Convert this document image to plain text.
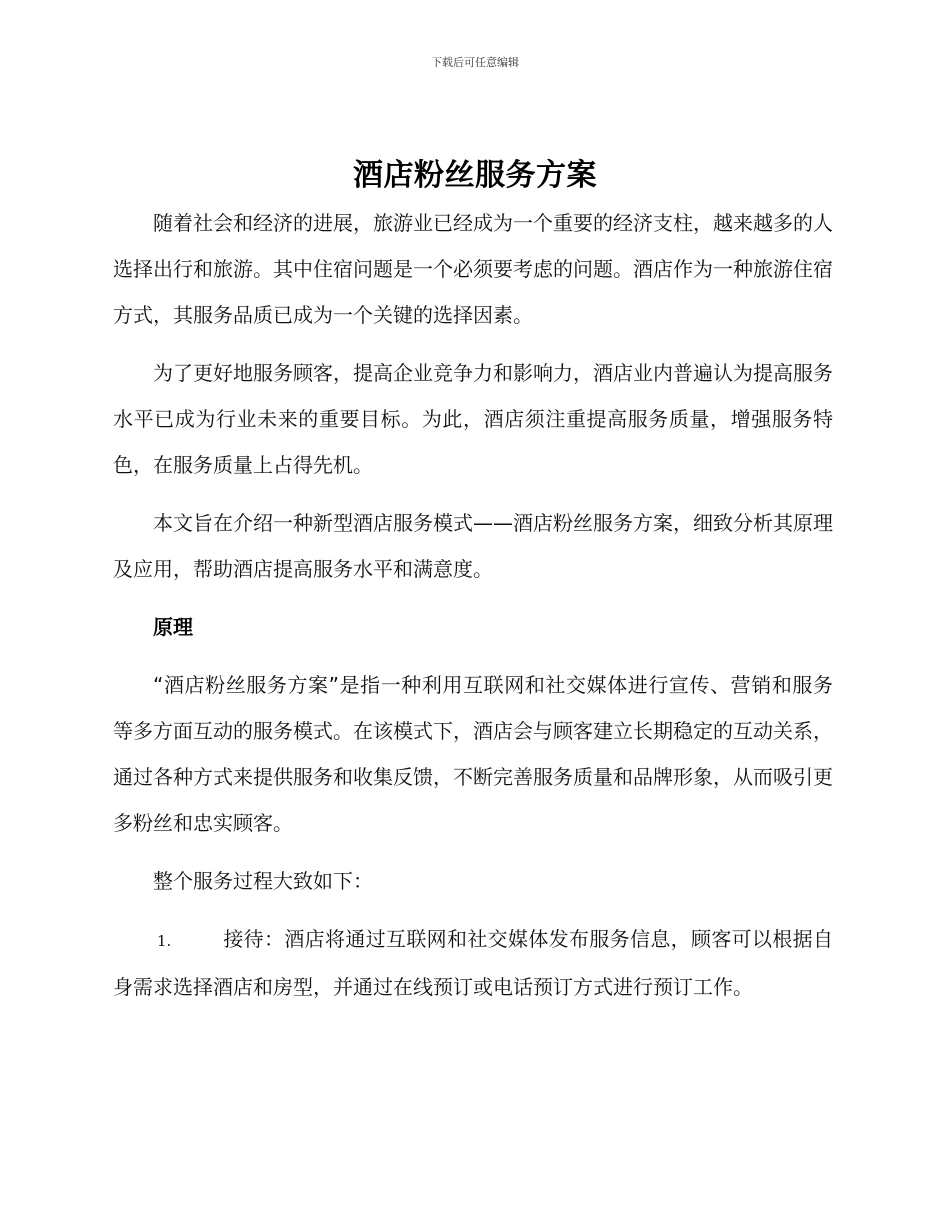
下载后可任意编辑
酒店粉丝服务方案

随着社会和经济的进展，旅游业已经成为一个重要的经济支柱，越来越多的人选择出行和旅游。其中住宿问题是一个必须要考虑的问题。酒店作为一种旅游住宿方式，其服务品质已成为一个关键的选择因素。

为了更好地服务顾客，提高企业竞争力和影响力，酒店业内普遍认为提高服务水平已成为行业未来的重要目标。为此，酒店须注重提高服务质量，增强服务特色，在服务质量上占得先机。

本文旨在介绍一种新型酒店服务模式——酒店粉丝服务方案，细致分析其原理及应用，帮助酒店提高服务水平和满意度。

原理

“酒店粉丝服务方案”是指一种利用互联网和社交媒体进行宣传、营销和服务等多方面互动的服务模式。在该模式下，酒店会与顾客建立长期稳定的互动关系，通过各种方式来提供服务和收集反馈，不断完善服务质量和品牌形象，从而吸引更多粉丝和忠实顾客。

整个服务过程大致如下：

1.	接待：酒店将通过互联网和社交媒体发布服务信息，顾客可以根据自身需求选择酒店和房型，并通过在线预订或电话预订方式进行预订工作。
